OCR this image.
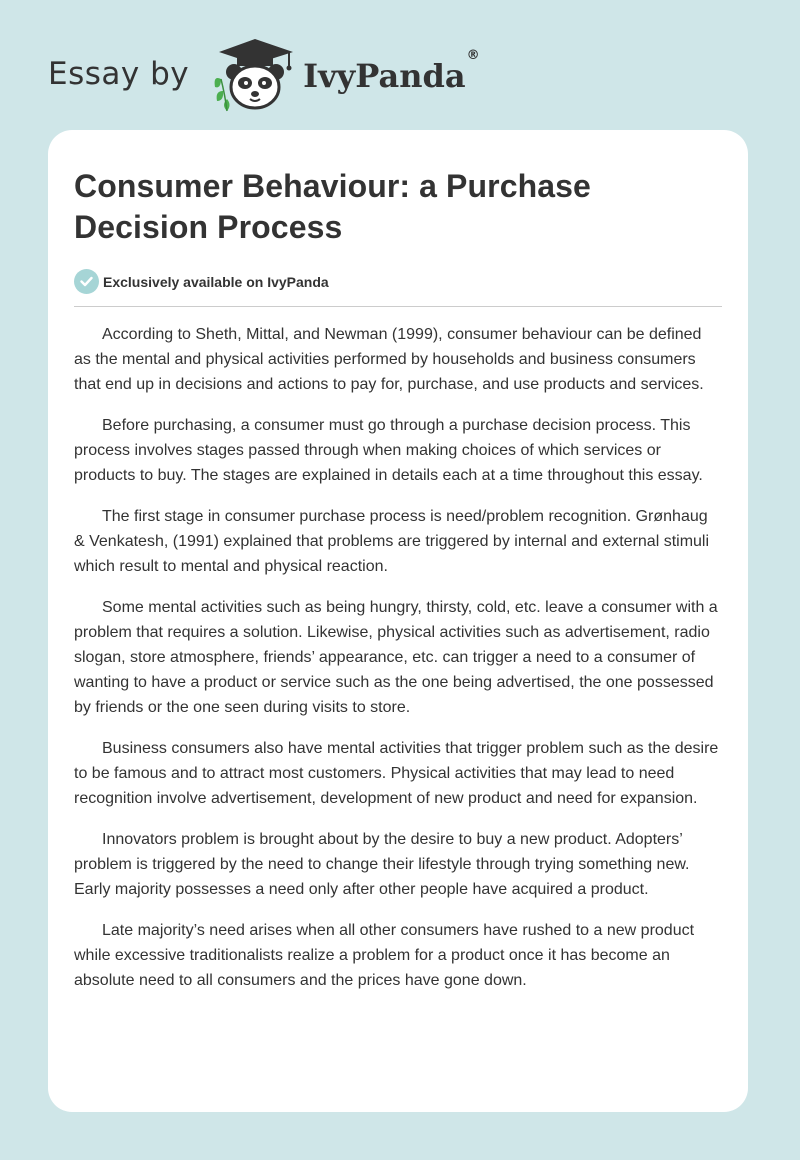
Essay by	IvyPanda®
Consumer Behaviour: a Purchase Decision Process
Exclusively available on IvyPanda

According to Sheth, Mittal, and Newman (1999), consumer behaviour can be defined as the mental and physical activities performed by households and business consumers that end up in decisions and actions to pay for, purchase, and use products and services.

Before purchasing, a consumer must go through a purchase decision process. This process involves stages passed through when making choices of which services or products to buy. The stages are explained in details each at a time throughout this essay.

The first stage in consumer purchase process is need/problem recognition. Grønhaug & Venkatesh, (1991) explained that problems are triggered by internal and external stimuli which result to mental and physical reaction.

Some mental activities such as being hungry, thirsty, cold, etc. leave a consumer with a problem that requires a solution. Likewise, physical activities such as advertisement, radio slogan, store atmosphere, friends’ appearance, etc. can trigger a need to a consumer of wanting to have a product or service such as the one being advertised, the one possessed by friends or the one seen during visits to store.

Business consumers also have mental activities that trigger problem such as the desire to be famous and to attract most customers. Physical activities that may lead to need recognition involve advertisement, development of new product and need for expansion.

Innovators problem is brought about by the desire to buy a new product. Adopters’ problem is triggered by the need to change their lifestyle through trying something new. Early majority possesses a need only after other people have acquired a product.

Late majority’s need arises when all other consumers have rushed to a new product while excessive traditionalists realize a problem for a product once it has become an absolute need to all consumers and the prices have gone down.
